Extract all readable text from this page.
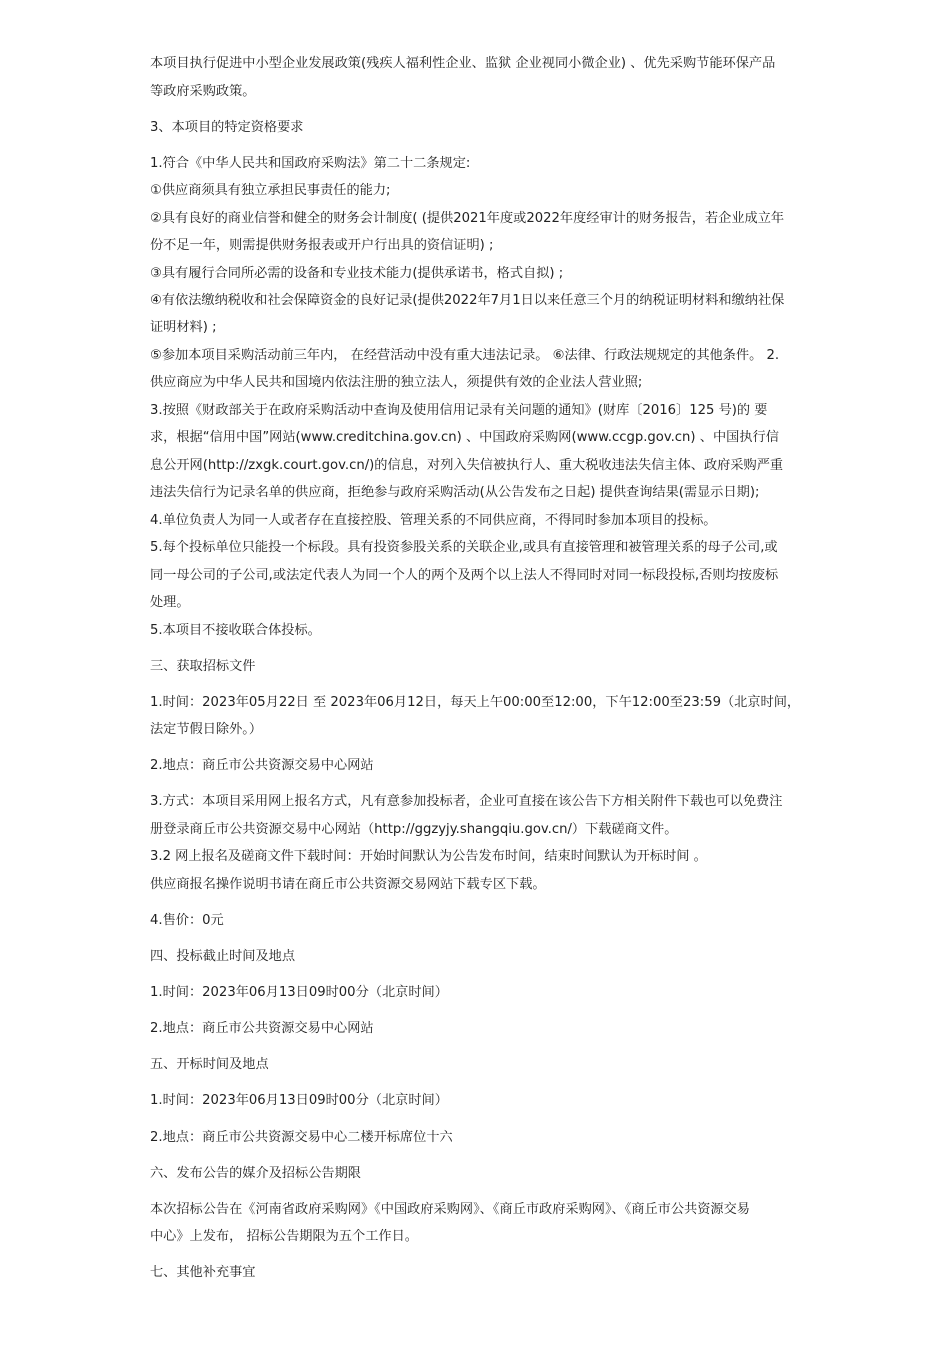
本项目执行促进中小型企业发展政策(残疾人福利性企业、监狱 企业视同小微企业) 、优先采购节能环保产品
等政府采购政策。
3、本项目的特定资格要求
1.符合《中华人民共和国政府采购法》第二十二条规定:
①供应商须具有独立承担民事责任的能力;
②具有良好的商业信誉和健全的财务会计制度( (提供2021年度或2022年度经审计的财务报告，若企业成立年
份不足一年，则需提供财务报表或开户行出具的资信证明) ;
③具有履行合同所必需的设备和专业技术能力(提供承诺书，格式自拟) ;
④有依法缴纳税收和社会保障资金的良好记录(提供2022年7月1日以来任意三个月的纳税证明材料和缴纳社保
证明材料) ;
⑤参加本项目采购活动前三年内， 在经营活动中没有重大违法记录。 ⑥法律、行政法规规定的其他条件。 2.
供应商应为中华人民共和国境内依法注册的独立法人，须提供有效的企业法人营业照;
3.按照《财政部关于在政府采购活动中查询及使用信用记录有关问题的通知》(财库〔2016〕125 号)的 要
求，根据“信用中国”网站(www.creditchina.gov.cn) 、中国政府采购网(www.ccgp.gov.cn) 、中国执行信
息公开网(http://zxgk.court.gov.cn/)的信息，对列入失信被执行人、重大税收违法失信主体、政府采购严重
违法失信行为记录名单的供应商，拒绝参与政府采购活动(从公告发布之日起) 提供查询结果(需显示日期);
4.单位负责人为同一人或者存在直接控股、管理关系的不同供应商，不得同时参加本项目的投标。
5.每个投标单位只能投一个标段。具有投资参股关系的关联企业,或具有直接管理和被管理关系的母子公司,或
同一母公司的子公司,或法定代表人为同一个人的两个及两个以上法人不得同时对同一标段投标,否则均按废标
处理。
5.本项目不接收联合体投标。
三、获取招标文件
1.时间：2023年05月22日 至 2023年06月12日，每天上午00:00至12:00，下午12:00至23:59（北京时间，
法定节假日除外。）
2.地点：商丘市公共资源交易中心网站
3.方式：本项目采用网上报名方式，凡有意参加投标者，企业可直接在该公告下方相关附件下载也可以免费注
册登录商丘市公共资源交易中心网站（http://ggzyjy.shangqiu.gov.cn/）下载磋商文件。
3.2 网上报名及磋商文件下载时间：开始时间默认为公告发布时间，结束时间默认为开标时间 。
供应商报名操作说明书请在商丘市公共资源交易网站下载专区下载。
4.售价：0元
四、投标截止时间及地点
1.时间：2023年06月13日09时00分（北京时间）
2.地点：商丘市公共资源交易中心网站
五、开标时间及地点
1.时间：2023年06月13日09时00分（北京时间）
2.地点：商丘市公共资源交易中心二楼开标席位十六
六、发布公告的媒介及招标公告期限
本次招标公告在《河南省政府采购网》《中国政府采购网》、《商丘市政府采购网》、《商丘市公共资源交易
中心》上发布， 招标公告期限为五个工作日。
七、其他补充事宜
